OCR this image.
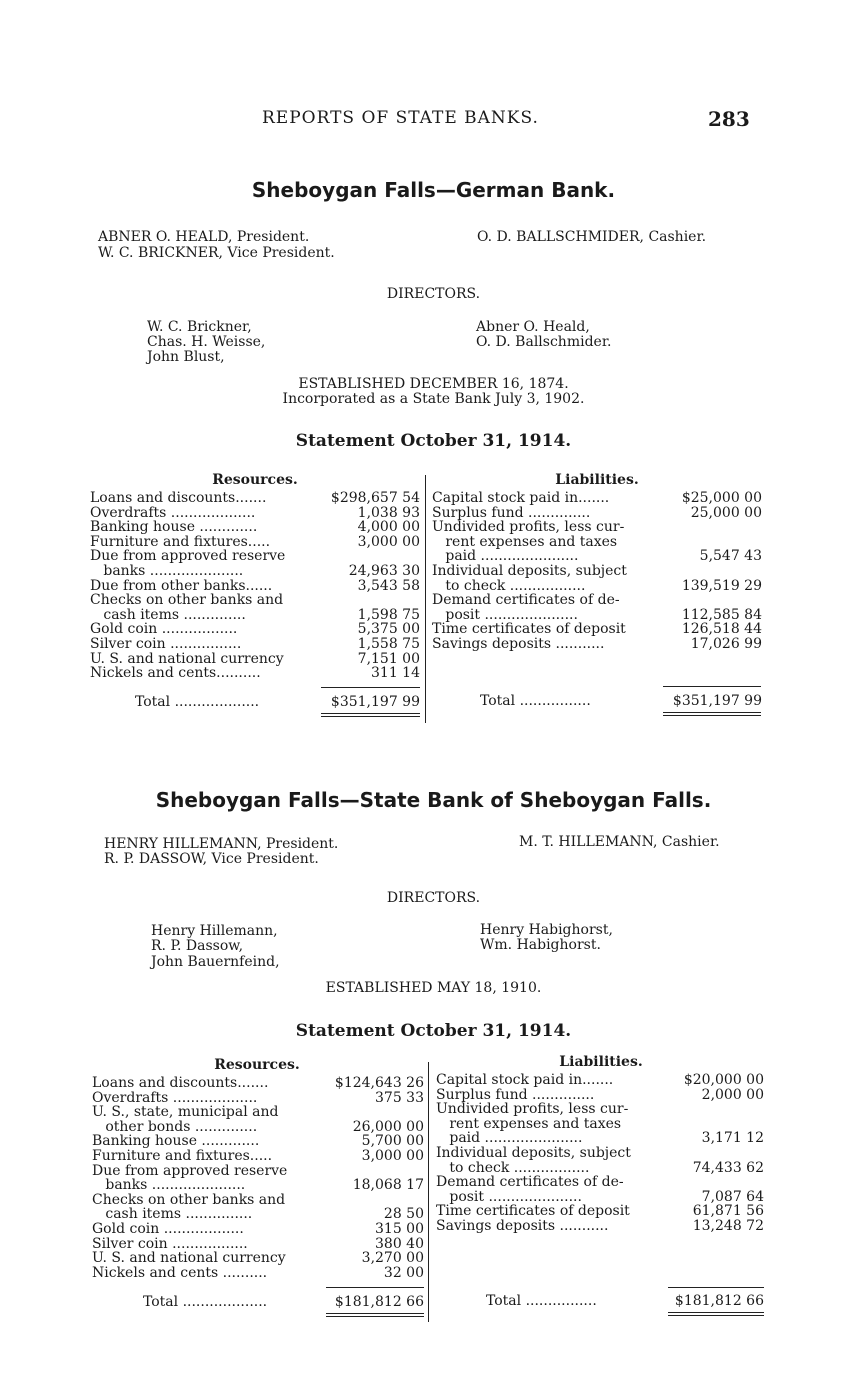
REPORTS OF STATE BANKS.	283
Sheboygan Falls—German Bank.
ABNER O. HEALD, President.
W. C. BRICKNER, Vice President.
O. D. BALLSCHMIDER, Cashier.
DIRECTORS.
W. C. Brickner,
Chas. H. Weisse,
John Blust,
Abner O. Heald,
O. D. Ballschmider.
ESTABLISHED DECEMBER 16, 1874.
Incorporated as a State Bank July 3, 1902.
Statement October 31, 1914.
Resources.
Loans and discounts.......	$298,657 54
Overdrafts ...................	1,038 93
Banking house .............	4,000 00
Furniture and fixtures.....	3,000 00
Due from approved reserve
banks .....................	24,963 30
Due from other banks......	3,543 58
Checks on other banks and
cash items ..............	1,598 75
Gold coin .................	5,375 00
Silver coin ................	1,558 75
U. S. and national currency	7,151 00
Nickels and cents..........	311 14
Total ...................	$351,197 99
Liabilities.
Capital stock paid in.......	$25,000 00
Surplus fund ..............	25,000 00
Undivided profits, less cur-
rent expenses and taxes
paid ......................	5,547 43
Individual deposits, subject
to check .................	139,519 29
Demand certificates of de-
posit .....................	112,585 84
Time certificates of deposit	126,518 44
Savings deposits ...........	17,026 99
Total ................	$351,197 99
Sheboygan Falls—State Bank of Sheboygan Falls.
HENRY HILLEMANN, President.
R. P. DASSOW, Vice President.
M. T. HILLEMANN, Cashier.
DIRECTORS.
Henry Hillemann,
R. P. Dassow,
John Bauernfeind,
Henry Habighorst,
Wm. Habighorst.
ESTABLISHED MAY 18, 1910.
Statement October 31, 1914.
Resources.
Loans and discounts.......	$124,643 26
Overdrafts ...................	375 33
U. S., state, municipal and
other bonds ..............	26,000 00
Banking house .............	5,700 00
Furniture and fixtures.....	3,000 00
Due from approved reserve
banks .....................	18,068 17
Checks on other banks and
cash items ...............	28 50
Gold coin ..................	315 00
Silver coin .................	380 40
U. S. and national currency	3,270 00
Nickels and cents ..........	32 00
Total ...................	$181,812 66
Liabilities.
Capital stock paid in.......	$20,000 00
Surplus fund ..............	2,000 00
Undivided profits, less cur-
rent expenses and taxes
paid ......................	3,171 12
Individual deposits, subject
to check .................	74,433 62
Demand certificates of de-
posit .....................	7,087 64
Time certificates of deposit	61,871 56
Savings deposits ...........	13,248 72
Total ................	$181,812 66
